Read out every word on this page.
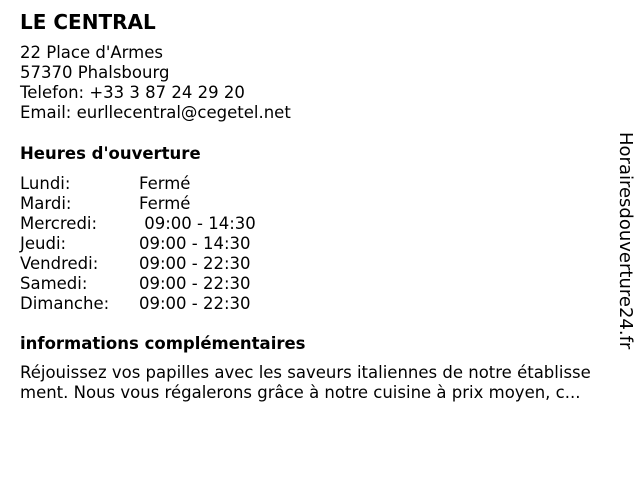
LE CENTRAL
22 Place d'Armes
57370 Phalsbourg
Telefon: +33 3 87 24 29 20
Email: eurllecentral@cegetel.net
Heures d'ouverture
Lundi:	Fermé
Mardi:	Fermé
Mercredi:	09:00 - 14:30
Jeudi:	09:00 - 14:30
Vendredi:	09:00 - 22:30
Samedi:	09:00 - 22:30
Dimanche:	09:00 - 22:30
informations complémentaires
Réjouissez vos papilles avec les saveurs italiennes de notre établisse
ment. Nous vous régalerons grâce à notre cuisine à prix moyen, c...
Horairesdouverture24.fr
